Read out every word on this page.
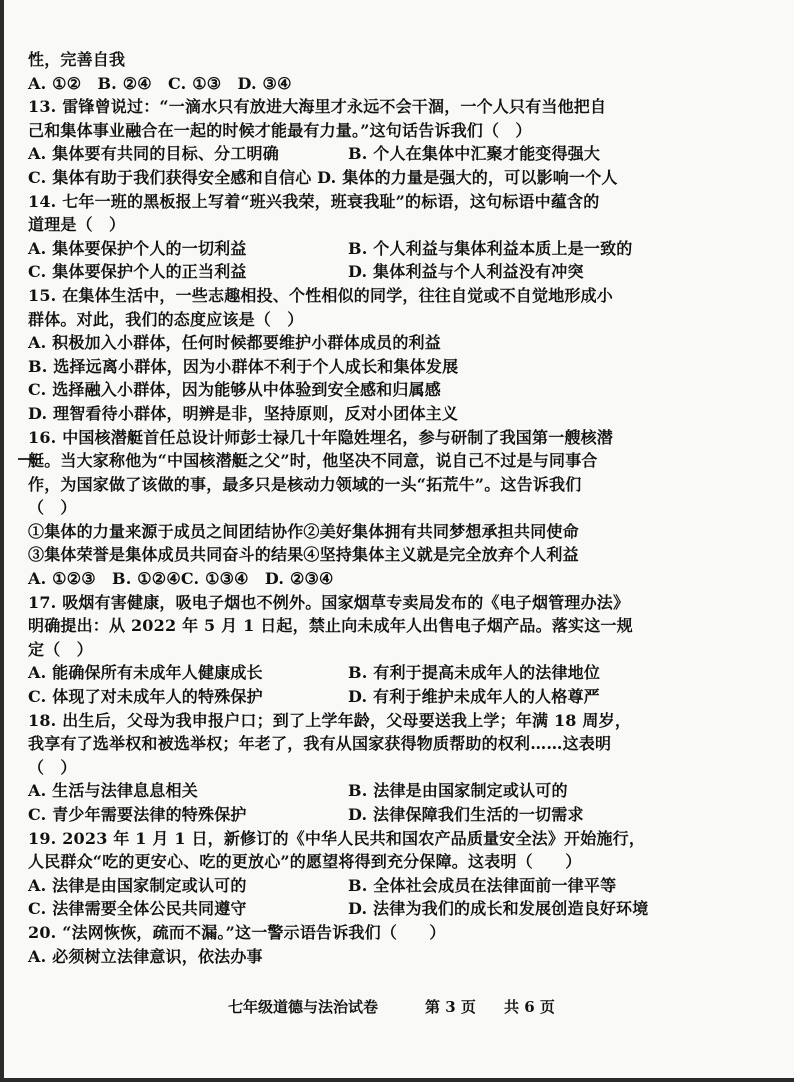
性，完善自我
A. ①②　B. ②④　C. ①③　D. ③④
13. 雷锋曾说过：“一滴水只有放进大海里才永远不会干涸，一个人只有当他把自
己和集体事业融合在一起的时候才能最有力量。”这句话告诉我们（　）
A. 集体要有共同的目标、分工明确	B. 个人在集体中汇聚才能变得强大
C. 集体有助于我们获得安全感和自信心 D. 集体的力量是强大的，可以影响一个人
14. 七年一班的黑板报上写着“班兴我荣，班衰我耻”的标语，这句标语中蕴含的
道理是（　）
A. 集体要保护个人的一切利益	B. 个人利益与集体利益本质上是一致的
C. 集体要保护个人的正当利益	D. 集体利益与个人利益没有冲突
15. 在集体生活中，一些志趣相投、个性相似的同学，往往自觉或不自觉地形成小
群体。对此，我们的态度应该是（　）
A. 积极加入小群体，任何时候都要维护小群体成员的利益
B. 选择远离小群体，因为小群体不利于个人成长和集体发展
C. 选择融入小群体，因为能够从中体验到安全感和归属感
D. 理智看待小群体，明辨是非，坚持原则，反对小团体主义
16. 中国核潜艇首任总设计师彭士禄几十年隐姓埋名，参与研制了我国第一艘核潜
艇。当大家称他为“中国核潜艇之父”时，他坚决不同意，说自己不过是与同事合
作，为国家做了该做的事，最多只是核动力领域的一头“拓荒牛”。这告诉我们
（　）
①集体的力量来源于成员之间团结协作②美好集体拥有共同梦想承担共同使命
③集体荣誉是集体成员共同奋斗的结果④坚持集体主义就是完全放弃个人利益
A. ①②③　B. ①②④C. ①③④　D. ②③④
17. 吸烟有害健康，吸电子烟也不例外。国家烟草专卖局发布的《电子烟管理办法》
明确提出：从 2022 年 5 月 1 日起，禁止向未成年人出售电子烟产品。落实这一规
定（　）
A. 能确保所有未成年人健康成长	B. 有利于提高未成年人的法律地位
C. 体现了对未成年人的特殊保护	D. 有利于维护未成年人的人格尊严
18. 出生后，父母为我申报户口；到了上学年龄，父母要送我上学；年满 18 周岁，
我享有了选举权和被选举权；年老了，我有从国家获得物质帮助的权利……这表明
（　）
A. 生活与法律息息相关	B. 法律是由国家制定或认可的
C. 青少年需要法律的特殊保护	D. 法律保障我们生活的一切需求
19. 2023 年 1 月 1 日，新修订的《中华人民共和国农产品质量安全法》开始施行，
人民群众“吃的更安心、吃的更放心”的愿望将得到充分保障。这表明（　　）
A. 法律是由国家制定或认可的	B. 全体社会成员在法律面前一律平等
C. 法律需要全体公民共同遵守	D. 法律为我们的成长和发展创造良好环境
20. “法网恢恢，疏而不漏。”这一警示语告诉我们（　　）
A. 必须树立法律意识，依法办事
七年级道德与法治试卷	第 3 页 共 6 页
